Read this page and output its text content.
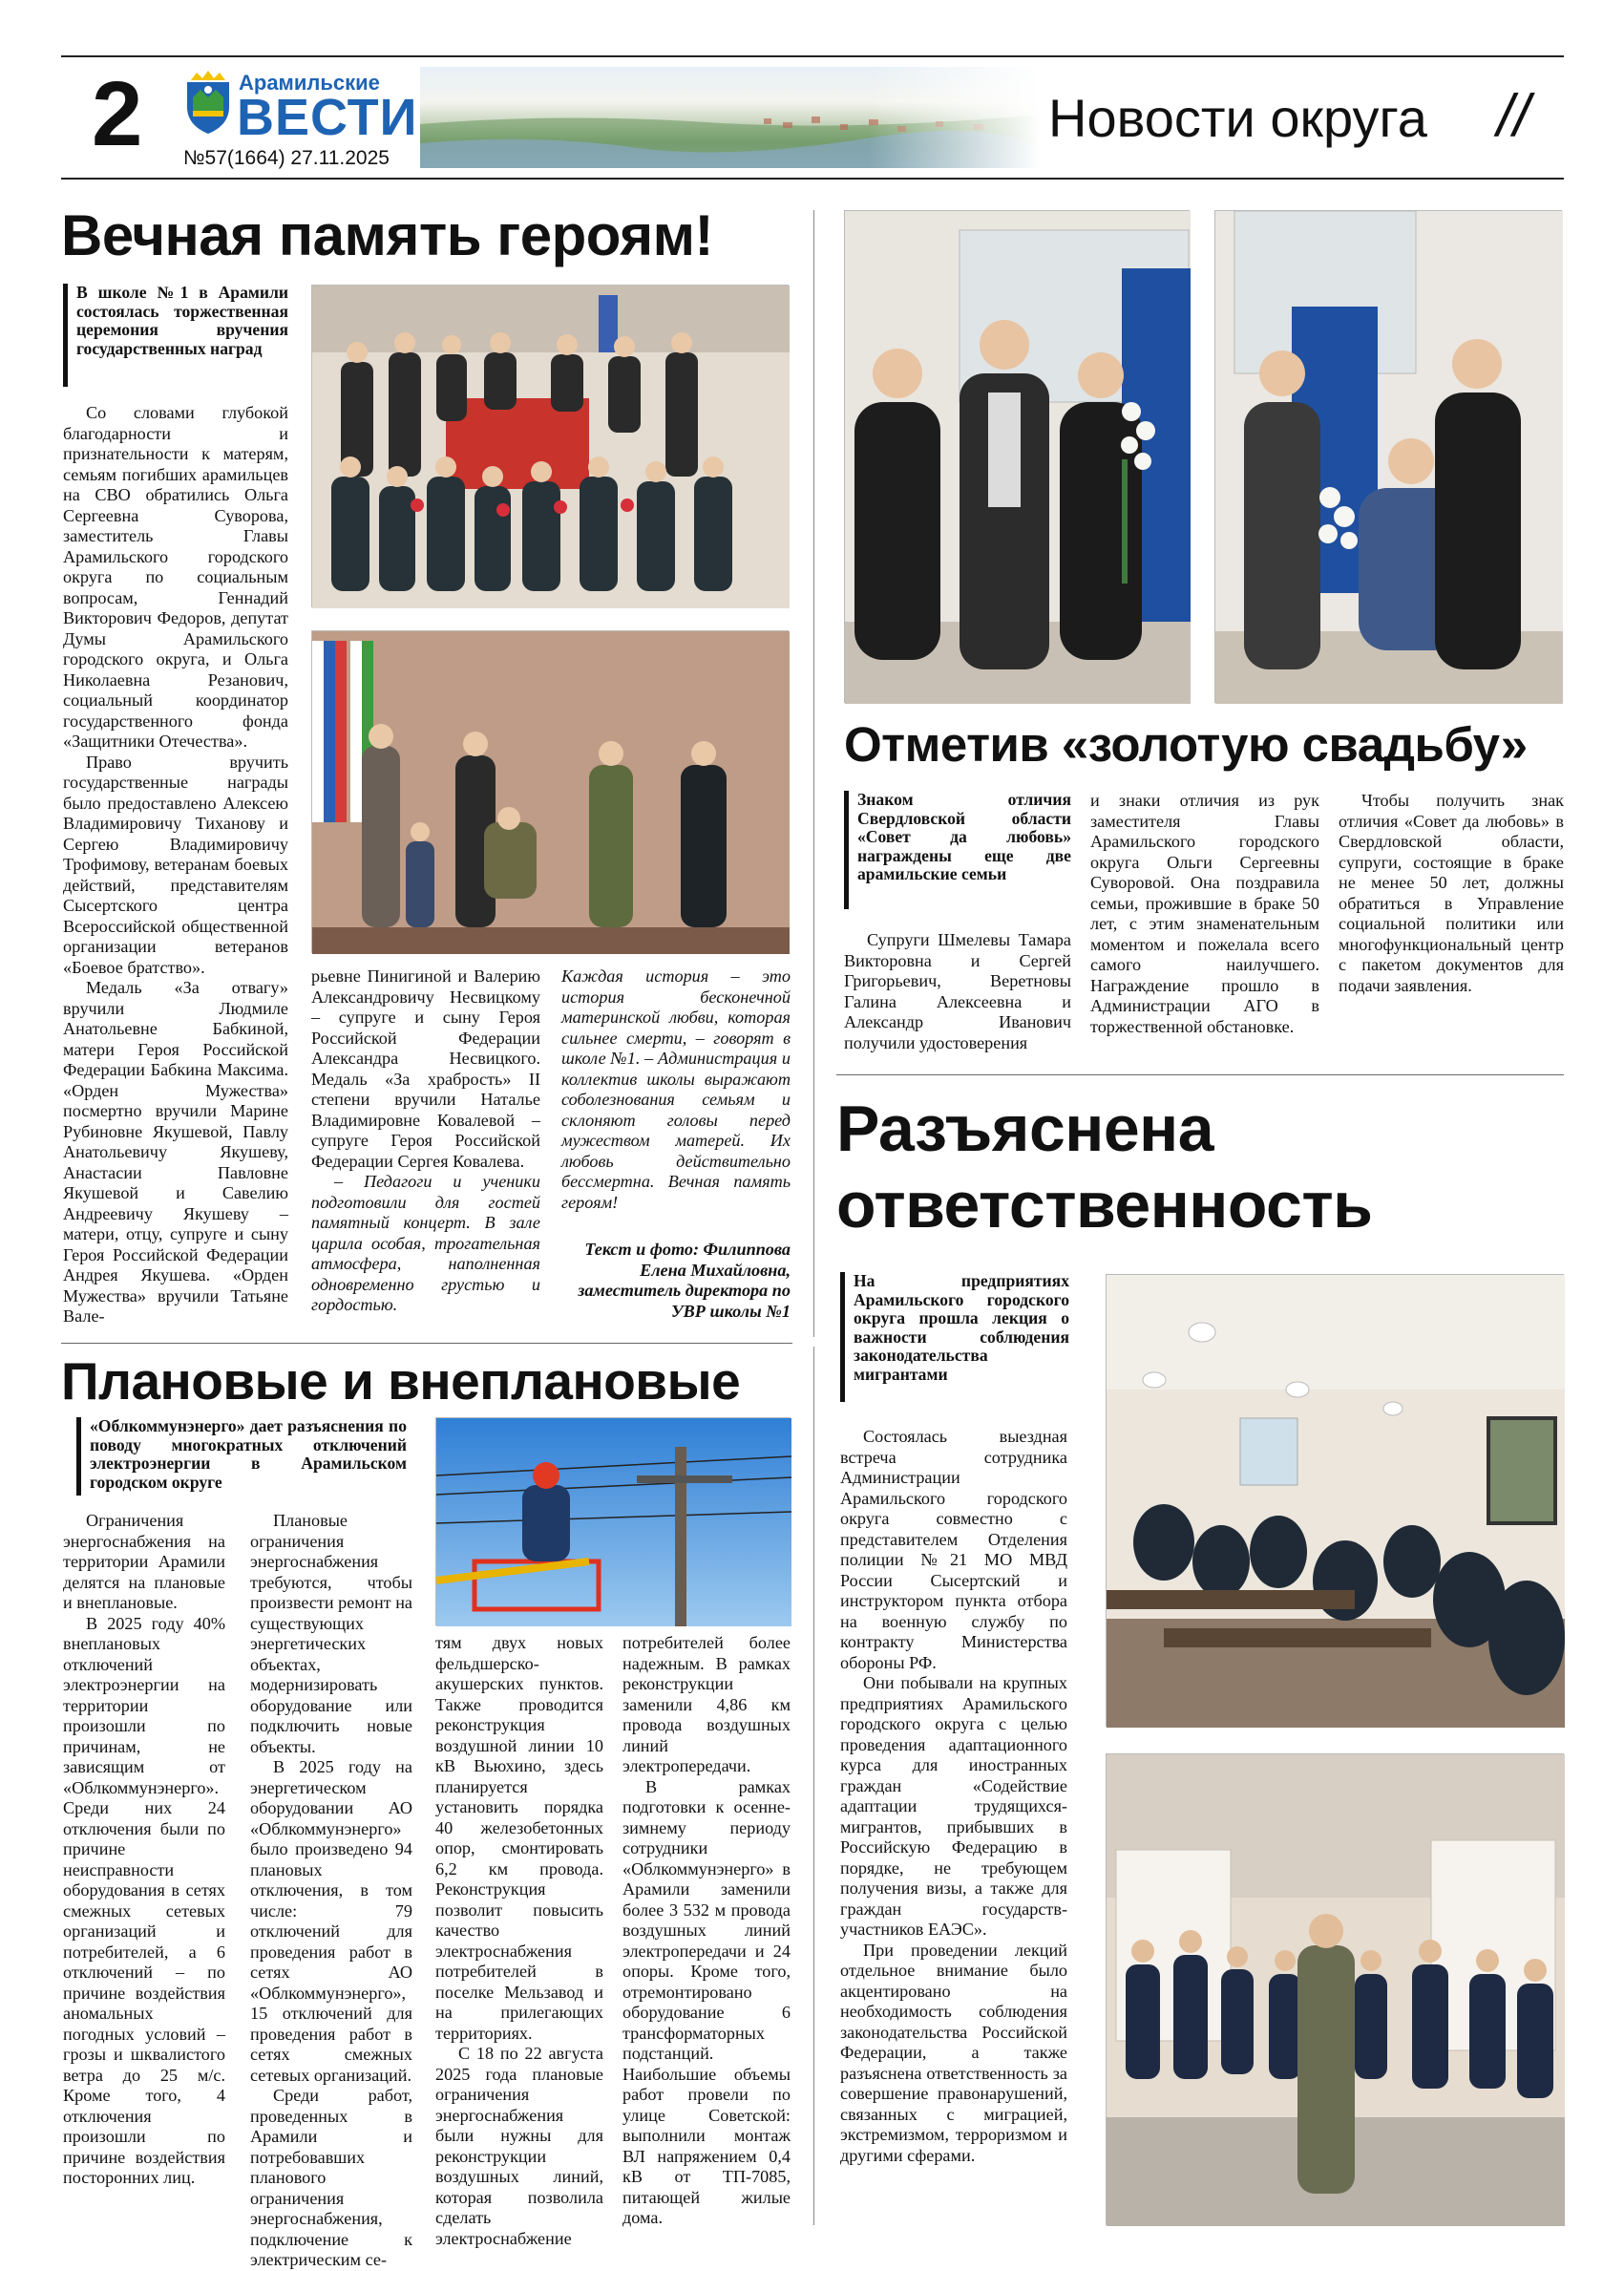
2	Арамильские
ВЕСТИ
№57(1664) 27.11.2025
Новости округа //
Вечная память героям!
В школе №1 в Арамили состоялась торжественная церемония вручения государственных наград

Со словами глубокой благодарности и признательности к матерям, семьям погибших арамильцев на СВО обратились Ольга Сергеевна Суворова, заместитель Главы Арамильского городского округа по социальным вопросам, Геннадий Викторович Федоров, депутат Думы Арамильского городского округа, и Ольга Николаевна Резанович, социальный координатор государственного фонда «Защитники Отечества».

Право вручить государственные награды было предоставлено Алексею Владимировичу Тиханову и Сергею Владимировичу Трофимову, ветеранам боевых действий, представителям Сысертского центра Всероссийской общественной организации ветеранов «Боевое братство».

Медаль «За отвагу» вручили Людмиле Анатольевне Бабкиной, матери Героя Российской Федерации Бабкина Максима. «Орден Мужества» посмертно вручили Марине Рубиновне Якушевой, Павлу Анатольевичу Якушеву, Анастасии Павловне Якушевой и Савелию Андреевичу Якушеву – матери, отцу, супруге и сыну Героя Российской Федерации Андрея Якушева. «Орден Мужества» вручили Татьяне Вале-

рьевне Пинигиной и Валерию Александровичу Несвицкому – супруге и сыну Героя Российской Федерации Александра Несвицкого. Медаль «За храбрость» II степени вручили Наталье Владимировне Ковалевой – супруге Героя Российской Федерации Сергея Ковалева.

– Педагоги и ученики подготовили для гостей памятный концерт. В зале царила особая, трогательная атмосфера, наполненная одновременно грустью и гордостью.

Каждая история – это история бесконечной материнской любви, которая сильнее смерти, – говорят в школе №1. – Администрация и коллектив школы выражают соболезнования семьям и склоняют головы перед мужеством матерей. Их любовь действительно бессмертна. Вечная память героям!

Текст и фото: Филиппова Елена Михайловна, заместитель директора по УВР школы №1

Отметив «золотую свадьбу»
Знаком отличия Свердловской области «Совет да любовь» награждены еще две арамильские семьи

Супруги Шмелевы Тамара Викторовна и Сергей Григорьевич, Веретновы Галина Алексеевна и Александр Иванович получили удостоверения

и знаки отличия из рук заместителя Главы Арамильского городского округа Ольги Сергеевны Суворовой. Она поздравила семьи, прожившие в браке 50 лет, с этим знаменательным моментом и пожелала всего самого наилучшего. Награждение прошло в Администрации АГО в торжественной обстановке.

Чтобы получить знак отличия «Совет да любовь» в Свердловской области, супруги, состоящие в браке не менее 50 лет, должны обратиться в Управление социальной политики или многофункциональный центр с пакетом документов для подачи заявления.

Плановые и внеплановые
«Облкоммунэнерго» дает разъяснения по поводу многократных отключений электроэнергии в Арамильском городском округе

Ограничения энергоснабжения на территории Арамили делятся на плановые и внеплановые.

В 2025 году 40% внеплановых отключений электроэнергии на территории произошли по причинам, не зависящим от «Облкоммунэнерго». Среди них 24 отключения были по причине неисправности оборудования в сетях смежных сетевых организаций и потребителей, а 6 отключений – по причине воздействия аномальных погодных условий – грозы и шквалистого ветра до 25 м/с. Кроме того, 4 отключения произошли по причине воздействия посторонних лиц.

Плановые ограничения энергоснабжения требуются, чтобы произвести ремонт на существующих энергетических объектах, модернизировать оборудование или подключить новые объекты.

В 2025 году на энергетическом оборудовании АО «Облкоммунэнерго» было произведено 94 плановых отключения, в том числе: 79 отключений для проведения работ в сетях АО «Облкоммунэнерго», 15 отключений для проведения работ в сетях смежных сетевых организаций.

Среди работ, проведенных в Арамили и потребовавших планового ограничения энергоснабжения, подключение к электрическим се-

тям двух новых фельдшерско-акушерских пунктов. Также проводится реконструкция воздушной линии 10 кВ Вьюхино, здесь планируется установить порядка 40 железобетонных опор, смонтировать 6,2 км провода. Реконструкция позволит повысить качество электроснабжения потребителей в поселке Мельзавод и на прилегающих территориях.

С 18 по 22 августа 2025 года плановые ограничения энергоснабжения были нужны для реконструкции воздушных линий, которая позволила сделать электроснабжение

потребителей более надежным. В рамках реконструкции заменили 4,86 км провода воздушных линий электропередачи.

В рамках подготовки к осенне-зимнему периоду сотрудники «Облкоммунэнерго» в Арамили заменили более 3 532 м провода воздушных линий электропередачи и 24 опоры. Кроме того, отремонтировано оборудование 6 трансформаторных подстанций. Наибольшие объемы работ провели по улице Советской: выполнили монтаж ВЛ напряжением 0,4 кВ от ТП-7085, питающей жилые дома.

Разъяснена
ответственность
На предприятиях Арамильского городского округа прошла лекция о важности соблюдения законодательства мигрантами

Состоялась выездная встреча сотрудника Администрации Арамильского городского округа совместно с представителем Отделения полиции №21 МО МВД России Сысертский и инструктором пункта отбора на военную службу по контракту Министерства обороны РФ.

Они побывали на крупных предприятиях Арамильского городского округа с целью проведения адаптационного курса для иностранных граждан «Содействие адаптации трудящихся-мигрантов, прибывших в Российскую Федерацию в порядке, не требующем получения визы, а также для граждан государств-участников ЕАЭС».

При проведении лекций отдельное внимание было акцентировано на необходимость соблюдения законодательства Российской Федерации, а также разъяснена ответственность за совершение правонарушений, связанных с миграцией, экстремизмом, терроризмом и другими сферами.
